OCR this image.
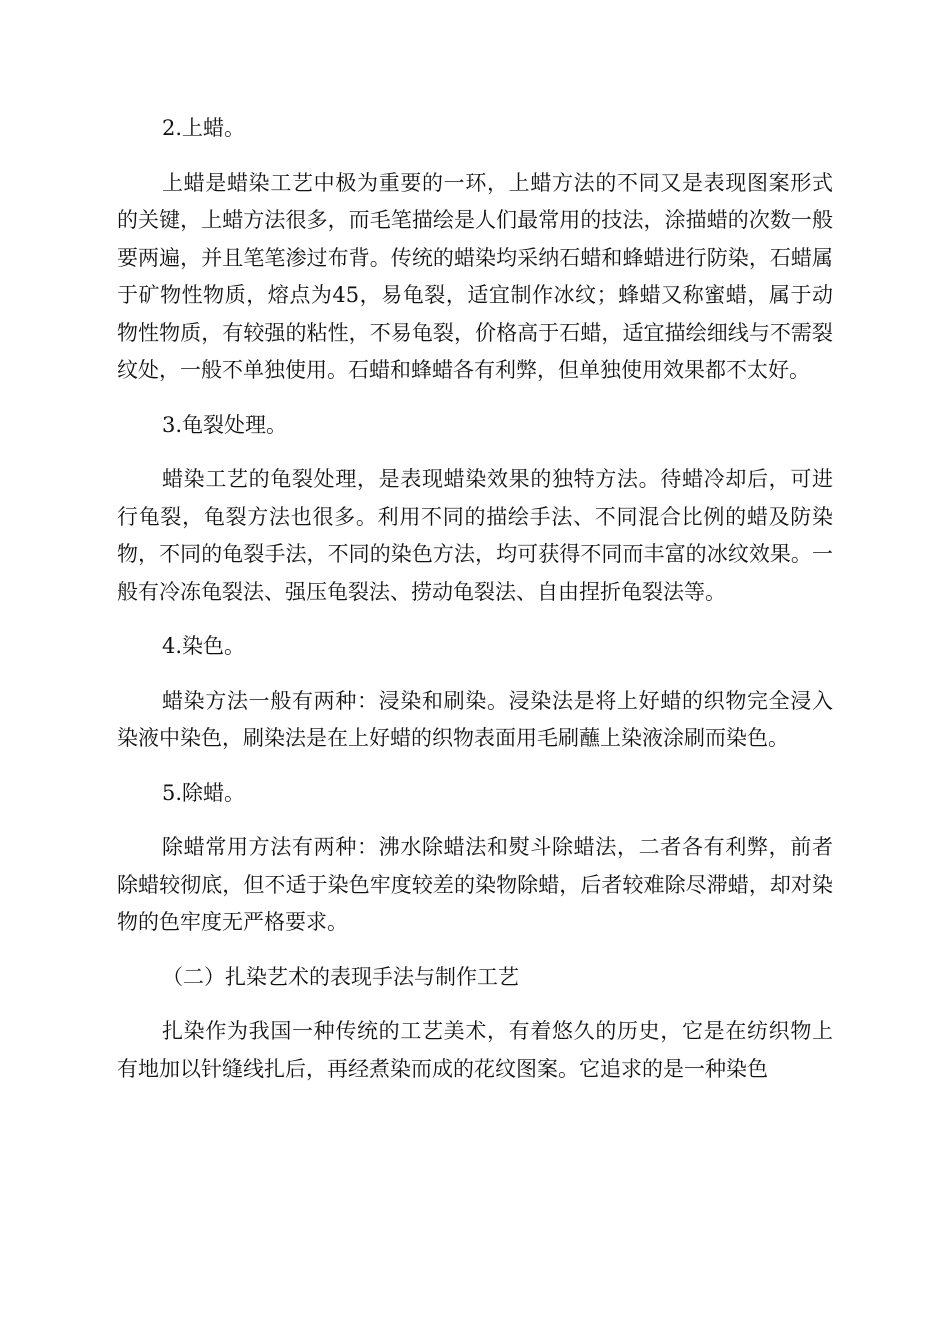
2.上蜡。

上蜡是蜡染工艺中极为重要的一环，上蜡方法的不同又是表现图案形式的关键，上蜡方法很多，而毛笔描绘是人们最常用的技法，涂描蜡的次数一般要两遍，并且笔笔渗过布背。传统的蜡染均采纳石蜡和蜂蜡进行防染，石蜡属于矿物性物质，熔点为45，易龟裂，适宜制作冰纹；蜂蜡又称蜜蜡，属于动物性物质，有较强的粘性，不易龟裂，价格高于石蜡，适宜描绘细线与不需裂纹处，一般不单独使用。石蜡和蜂蜡各有利弊，但单独使用效果都不太好。

3.龟裂处理。

蜡染工艺的龟裂处理，是表现蜡染效果的独特方法。待蜡冷却后，可进行龟裂，龟裂方法也很多。利用不同的描绘手法、不同混合比例的蜡及防染物，不同的龟裂手法，不同的染色方法，均可获得不同而丰富的冰纹效果。一般有冷冻龟裂法、强压龟裂法、捞动龟裂法、自由捏折龟裂法等。

4.染色。

蜡染方法一般有两种：浸染和刷染。浸染法是将上好蜡的织物完全浸入染液中染色，刷染法是在上好蜡的织物表面用毛刷蘸上染液涂刷而染色。

5.除蜡。

除蜡常用方法有两种：沸水除蜡法和熨斗除蜡法，二者各有利弊，前者除蜡较彻底，但不适于染色牢度较差的染物除蜡，后者较难除尽滞蜡，却对染物的色牢度无严格要求。

（二）扎染艺术的表现手法与制作工艺

扎染作为我国一种传统的工艺美术，有着悠久的历史，它是在纺织物上有地加以针缝线扎后，再经煮染而成的花纹图案。它追求的是一种染色
